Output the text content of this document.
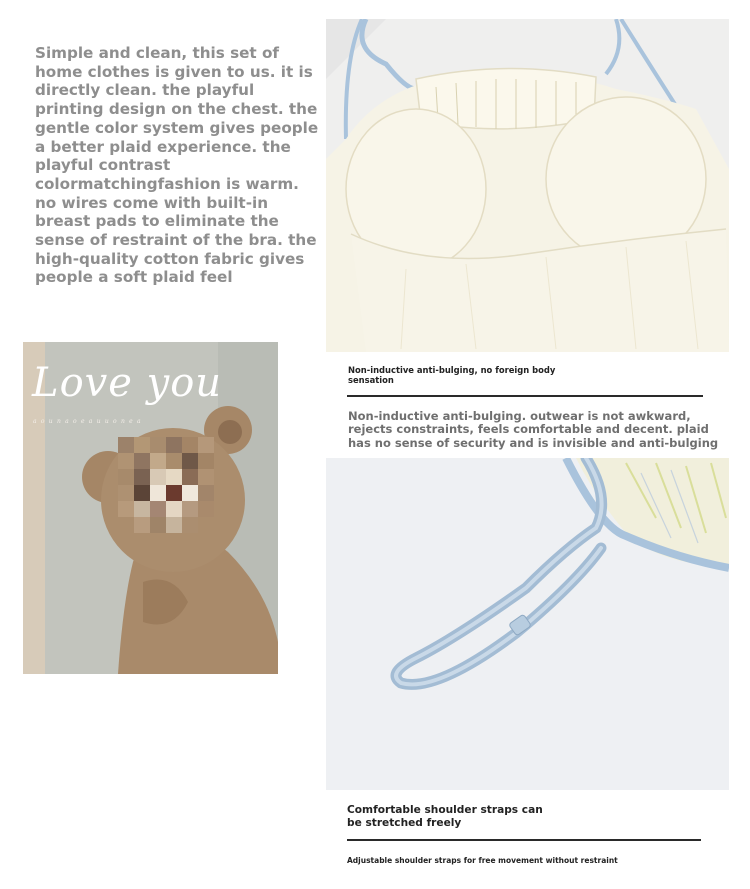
Simple and clean, this set of home clothes is given to us. it is directly clean. the playful printing design on the chest. the gentle color system gives people a better plaid experience. the playful contrast colormatchingfashion is warm. no wires come with built-in breast pads to eliminate the sense of restraint of the bra. the high-quality cotton fabric gives people a soft plaid feel

Non-inductive anti-bulging, no foreign body sensation

Non-inductive anti-bulging. outwear is not awkward, rejects constraints, feels comfortable and decent. plaid has no sense of security and is invisible and anti-bulging

Love you
a o u n a o e a u u o n e a
Comfortable shoulder straps can be stretched freely
Adjustable shoulder straps for free movement without restraint
